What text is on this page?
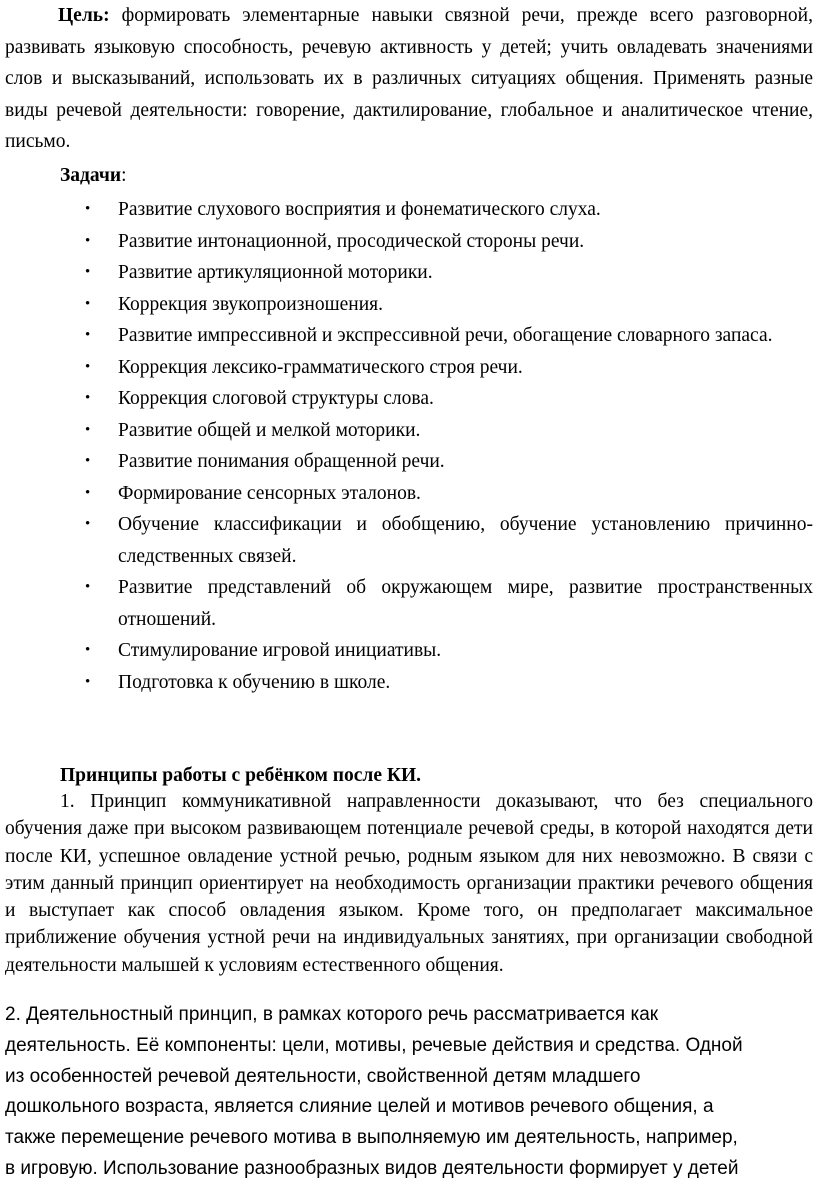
Цель: формировать элементарные навыки связной речи, прежде всего разговорной, развивать языковую способность, речевую активность у детей; учить овладевать значениями слов и высказываний, использовать их в различных ситуациях общения. Применять разные виды речевой деятельности: говорение, дактилирование, глобальное и аналитическое чтение, письмо.

Задачи:

• Развитие слухового восприятия и фонематического слуха.
• Развитие интонационной, просодической стороны речи.
• Развитие артикуляционной моторики.
• Коррекция звукопроизношения.
• Развитие импрессивной и экспрессивной речи, обогащение словарного запаса.
• Коррекция лексико-грамматического строя речи.
• Коррекция слоговой структуры слова.
• Развитие общей и мелкой моторики.
• Развитие понимания обращенной речи.
• Формирование сенсорных эталонов.
• Обучение классификации и обобщению, обучение установлению причинно-следственных связей.
• Развитие представлений об окружающем мире, развитие пространственных отношений.
• Стимулирование игровой инициативы.
• Подготовка к обучению в школе.

Принципы работы с ребёнком после КИ.

1. Принцип коммуникативной направленности доказывают, что без специального обучения даже при высоком развивающем потенциале речевой среды, в которой находятся дети после КИ, успешное овладение устной речью, родным языком для них невозможно. В связи с этим данный принцип ориентирует на необходимость организации практики речевого общения и выступает как способ овладения языком. Кроме того, он предполагает максимальное приближение обучения устной речи на индивидуальных занятиях, при организации свободной деятельности малышей к условиям естественного общения.

2. Деятельностный принцип, в рамках которого речь рассматривается как
деятельность. Её компоненты: цели, мотивы, речевые действия и средства. Одной
из особенностей речевой деятельности, свойственной детям младшего
дошкольного возраста, является слияние целей и мотивов речевого общения, а
также перемещение речевого мотива в выполняемую им деятельность, например,
в игровую. Использование разнообразных видов деятельности формирует у детей
